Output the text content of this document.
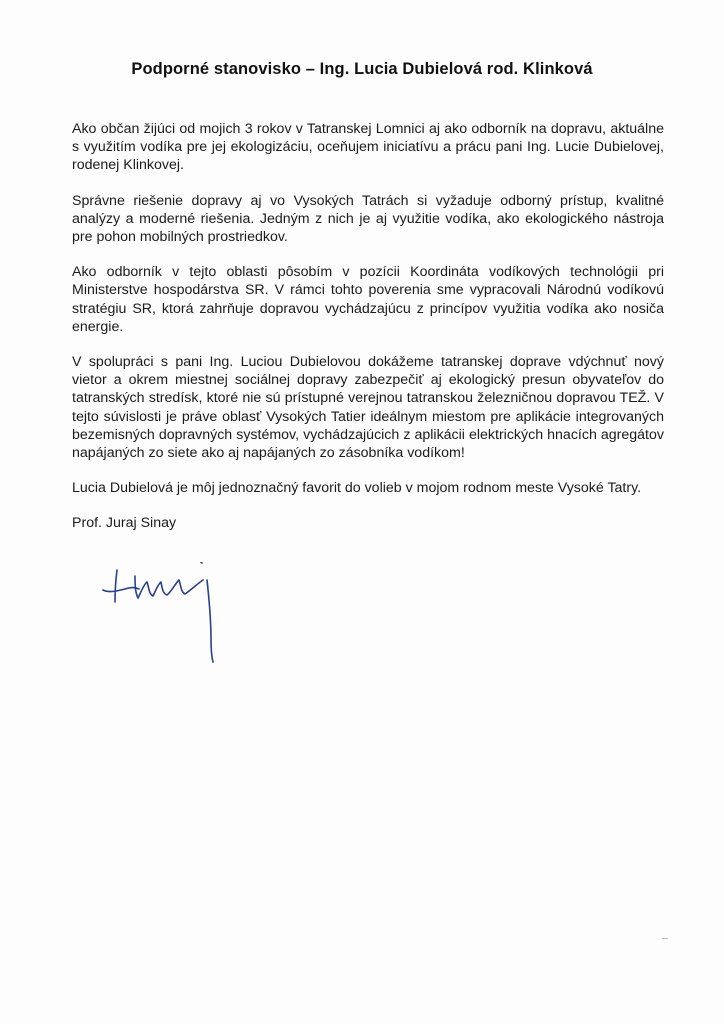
Podporné stanovisko – Ing. Lucia Dubielová rod. Klinková

Ako občan žijúci od mojich 3 rokov v Tatranskej Lomnici aj ako odborník na dopravu, aktuálne s využitím vodíka pre jej ekologizáciu, oceňujem iniciatívu a prácu pani Ing. Lucie Dubielovej, rodenej Klinkovej.

Správne riešenie dopravy aj vo Vysokých Tatrách si vyžaduje odborný prístup, kvalitné analýzy a moderné riešenia. Jedným z nich je aj využitie vodíka, ako ekologického nástroja pre pohon mobilných prostriedkov.

Ako odborník v tejto oblasti pôsobím v pozícii Koordináta vodíkových technológii pri Ministerstve hospodárstva SR. V rámci tohto poverenia sme vypracovali Národnú vodíkovú stratégiu SR, ktorá zahrňuje dopravou vychádzajúcu z princípov využitia vodíka ako nosiča energie.

V spolupráci s pani Ing. Luciou Dubielovou dokážeme tatranskej doprave vdýchnuť nový vietor a okrem miestnej sociálnej dopravy zabezpečiť aj ekologický presun obyvateľov do tatranských stredísk, ktoré nie sú prístupné verejnou tatranskou železničnou dopravou TEŽ. V tejto súvislosti je práve oblasť Vysokých Tatier ideálnym miestom pre aplikácie integrovaných bezemisných dopravných systémov, vychádzajúcich z aplikácii elektrických hnacích agregátov napájaných zo siete ako aj napájaných zo zásobníka vodíkom!

Lucia Dubielová je môj jednoznačný favorit do volieb v mojom rodnom meste Vysoké Tatry.

Prof. Juraj Sinay
